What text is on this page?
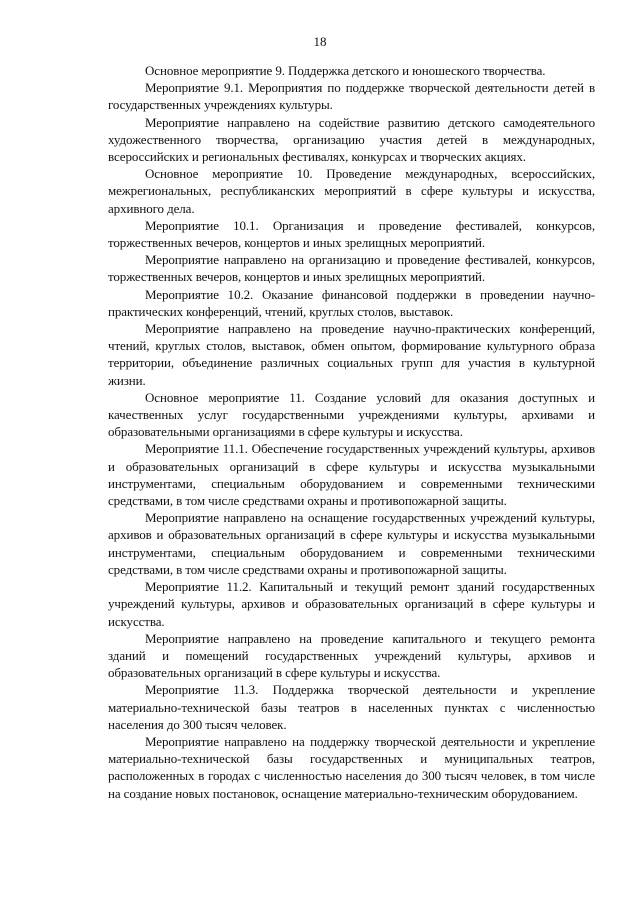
18

Основное мероприятие 9. Поддержка детского и юношеского творчества.

Мероприятие 9.1. Мероприятия по поддержке творческой деятельности детей в государственных учреждениях культуры.

Мероприятие направлено на содействие развитию детского самодеятельного художественного творчества, организацию участия детей в международных, всероссийских и региональных фестивалях, конкурсах и творческих акциях.

Основное мероприятие 10. Проведение международных, всероссийских, межрегиональных, республиканских мероприятий в сфере культуры и искусства, архивного дела.

Мероприятие 10.1. Организация и проведение фестивалей, конкурсов, торжественных вечеров, концертов и иных зрелищных мероприятий.

Мероприятие направлено на организацию и проведение фестивалей, конкурсов, торжественных вечеров, концертов и иных зрелищных мероприятий.

Мероприятие 10.2. Оказание финансовой поддержки в проведении научно-практических конференций, чтений, круглых столов, выставок.

Мероприятие направлено на проведение научно-практических конференций, чтений, круглых столов, выставок, обмен опытом, формирование культурного образа территории, объединение различных социальных групп для участия в культурной жизни.

Основное мероприятие 11. Создание условий для оказания доступных и качественных услуг государственными учреждениями культуры, архивами и образовательными организациями в сфере культуры и искусства.

Мероприятие 11.1. Обеспечение государственных учреждений культуры, архивов и образовательных организаций в сфере культуры и искусства музыкальными инструментами, специальным оборудованием и современными техническими средствами, в том числе средствами охраны и противопожарной защиты.

Мероприятие направлено на оснащение государственных учреждений культуры, архивов и образовательных организаций в сфере культуры и искусства музыкальными инструментами, специальным оборудованием и современными техническими средствами, в том числе средствами охраны и противопожарной защиты.

Мероприятие 11.2. Капитальный и текущий ремонт зданий государственных учреждений культуры, архивов и образовательных организаций в сфере культуры и искусства.

Мероприятие направлено на проведение капитального и текущего ремонта зданий и помещений государственных учреждений культуры, архивов и образовательных организаций в сфере культуры и искусства.

Мероприятие 11.3. Поддержка творческой деятельности и укрепление материально-технической базы театров в населенных пунктах с численностью населения до 300 тысяч человек.

Мероприятие направлено на поддержку творческой деятельности и укрепление материально-технической базы государственных и муниципальных театров, расположенных в городах с численностью населения до 300 тысяч человек, в том числе на создание новых постановок, оснащение материально-техническим оборудованием.
